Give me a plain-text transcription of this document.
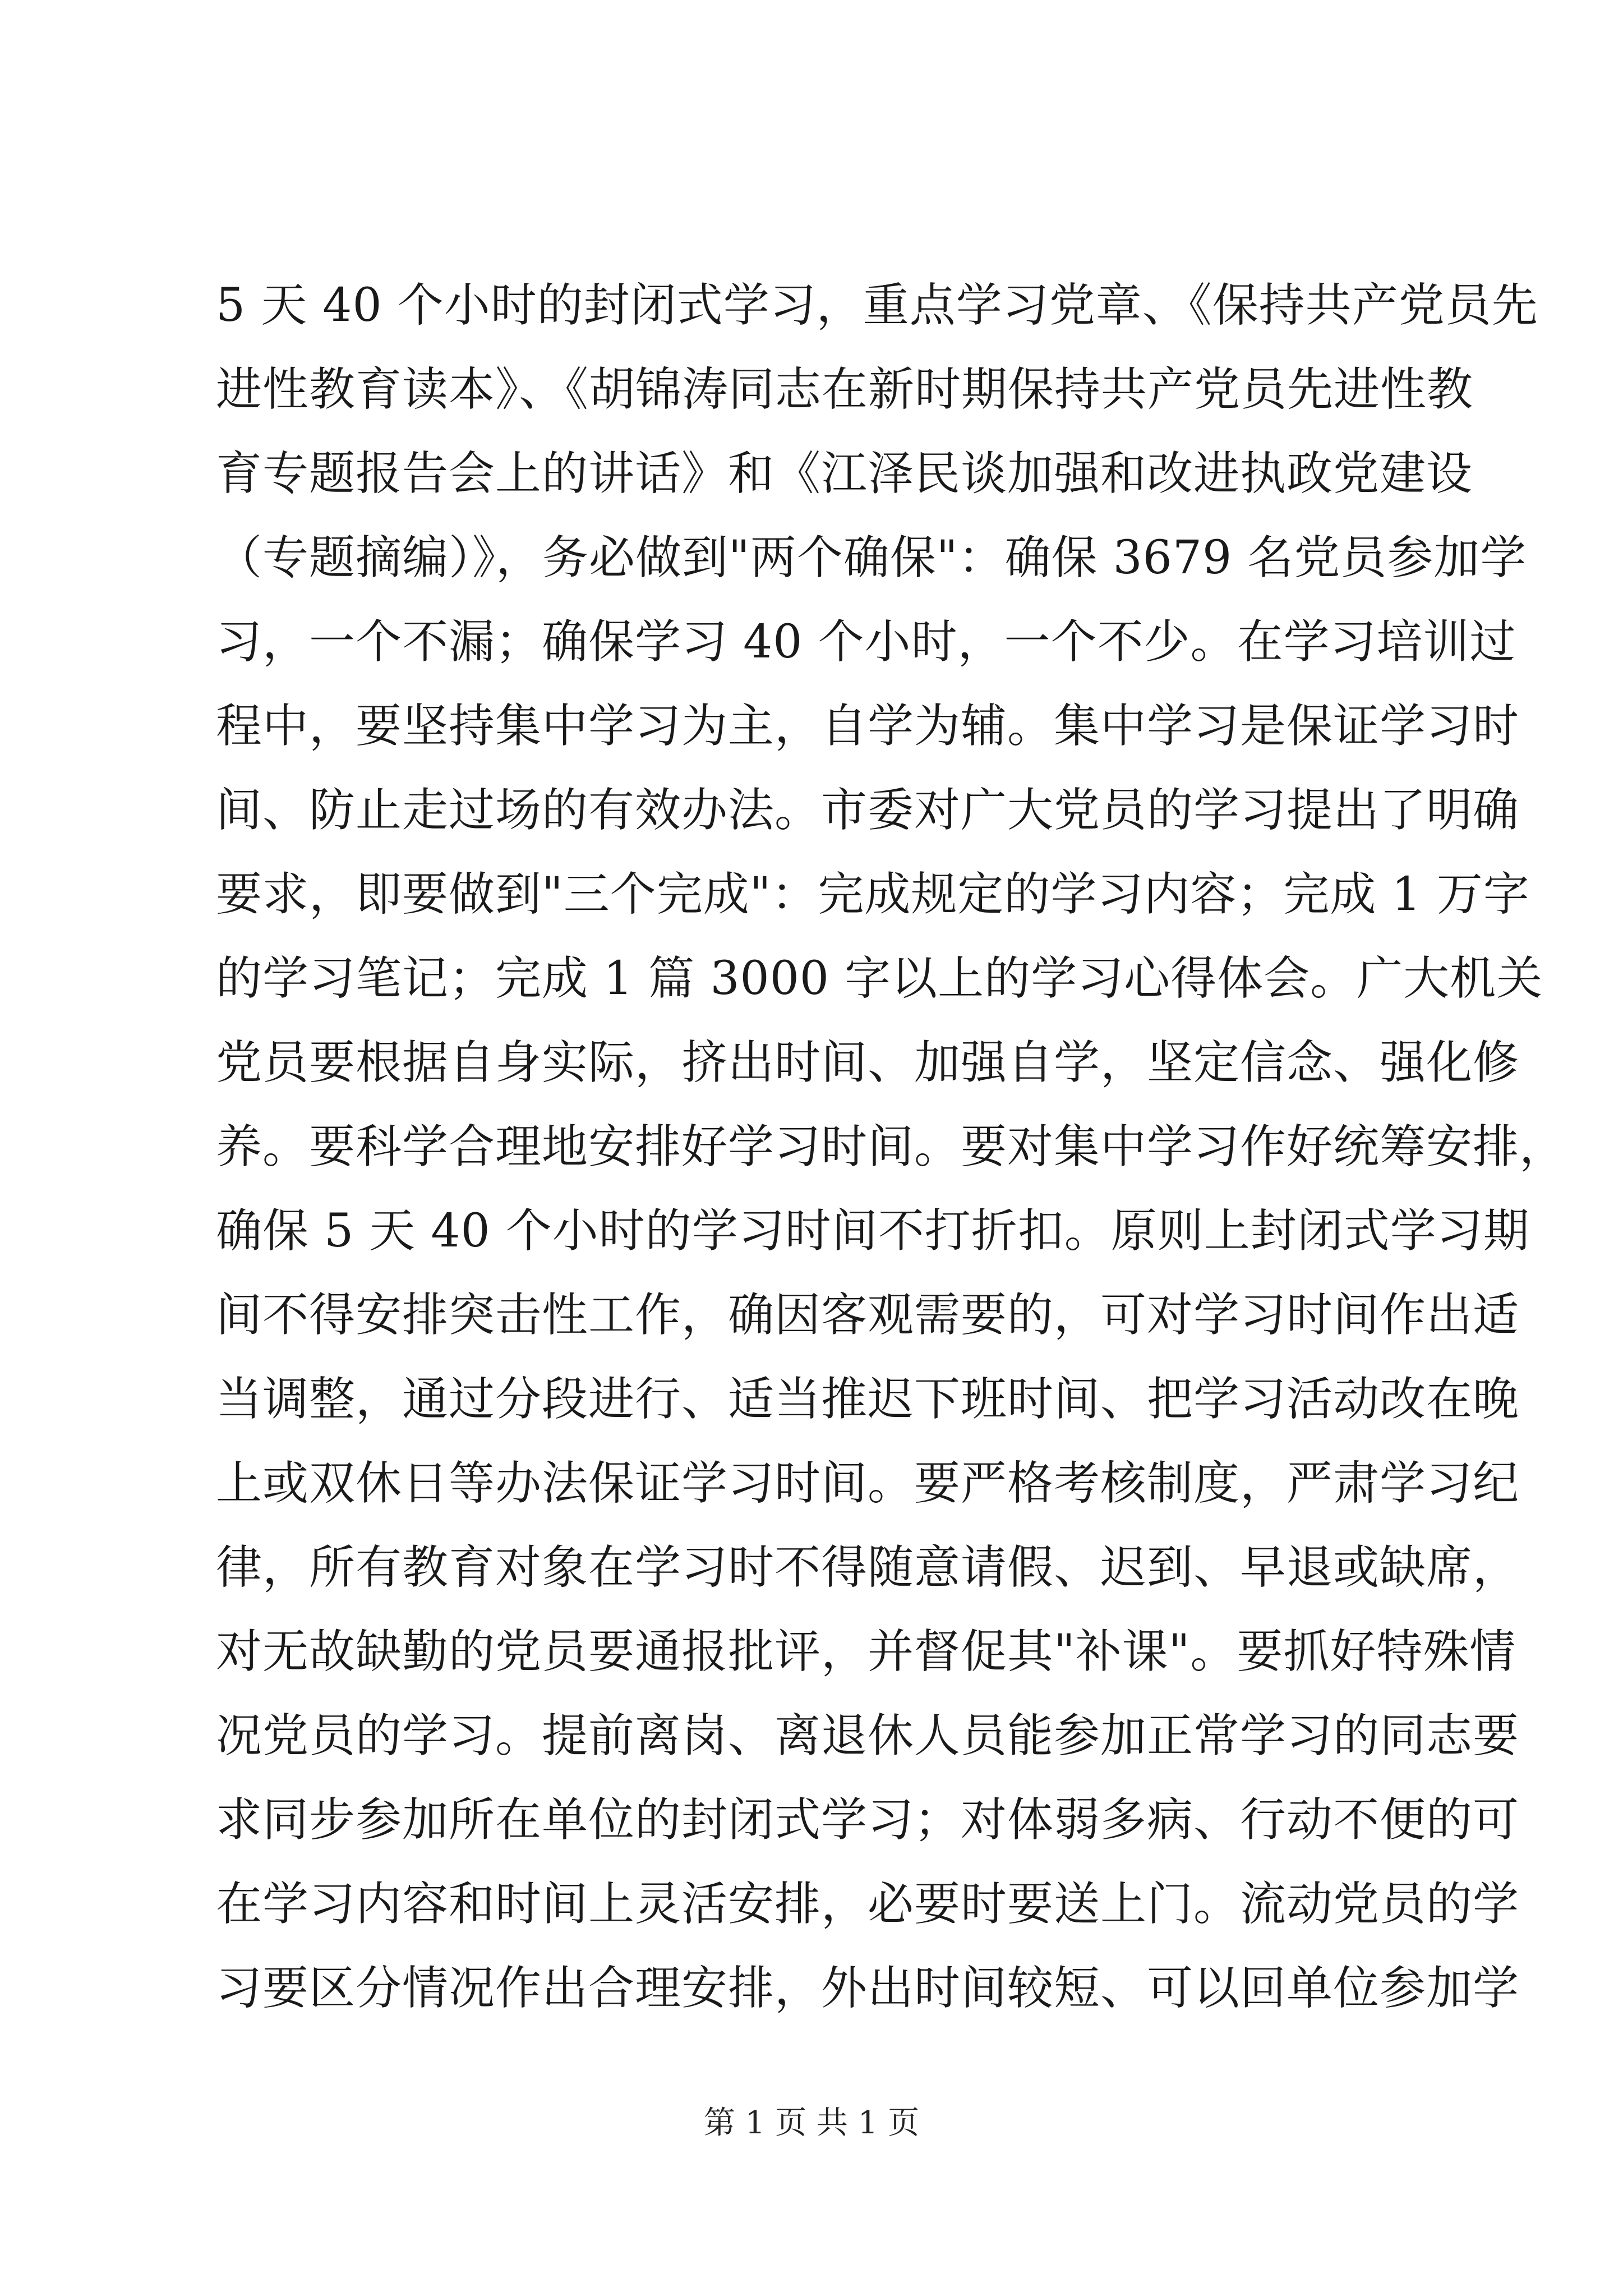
5 天 40 个小时的封闭式学习，重点学习党章、《保持共产党员先
进性教育读本》、《胡锦涛同志在新时期保持共产党员先进性教
育专题报告会上的讲话》和《江泽民谈加强和改进执政党建设
（专题摘编）》，务必做到"两个确保"：确保 3679 名党员参加学
习，一个不漏；确保学习 40 个小时，一个不少。在学习培训过
程中，要坚持集中学习为主，自学为辅。集中学习是保证学习时
间、防止走过场的有效办法。市委对广大党员的学习提出了明确
要求，即要做到"三个完成"：完成规定的学习内容；完成 1 万字
的学习笔记；完成 1 篇 3000 字以上的学习心得体会。广大机关
党员要根据自身实际，挤出时间、加强自学，坚定信念、强化修
养。要科学合理地安排好学习时间。要对集中学习作好统筹安排，
确保 5 天 40 个小时的学习时间不打折扣。原则上封闭式学习期
间不得安排突击性工作，确因客观需要的，可对学习时间作出适
当调整，通过分段进行、适当推迟下班时间、把学习活动改在晚
上或双休日等办法保证学习时间。要严格考核制度，严肃学习纪
律，所有教育对象在学习时不得随意请假、迟到、早退或缺席，
对无故缺勤的党员要通报批评，并督促其"补课"。要抓好特殊情
况党员的学习。提前离岗、离退休人员能参加正常学习的同志要
求同步参加所在单位的封闭式学习；对体弱多病、行动不便的可
在学习内容和时间上灵活安排，必要时要送上门。流动党员的学
习要区分情况作出合理安排，外出时间较短、可以回单位参加学
第 1 页 共 1 页
